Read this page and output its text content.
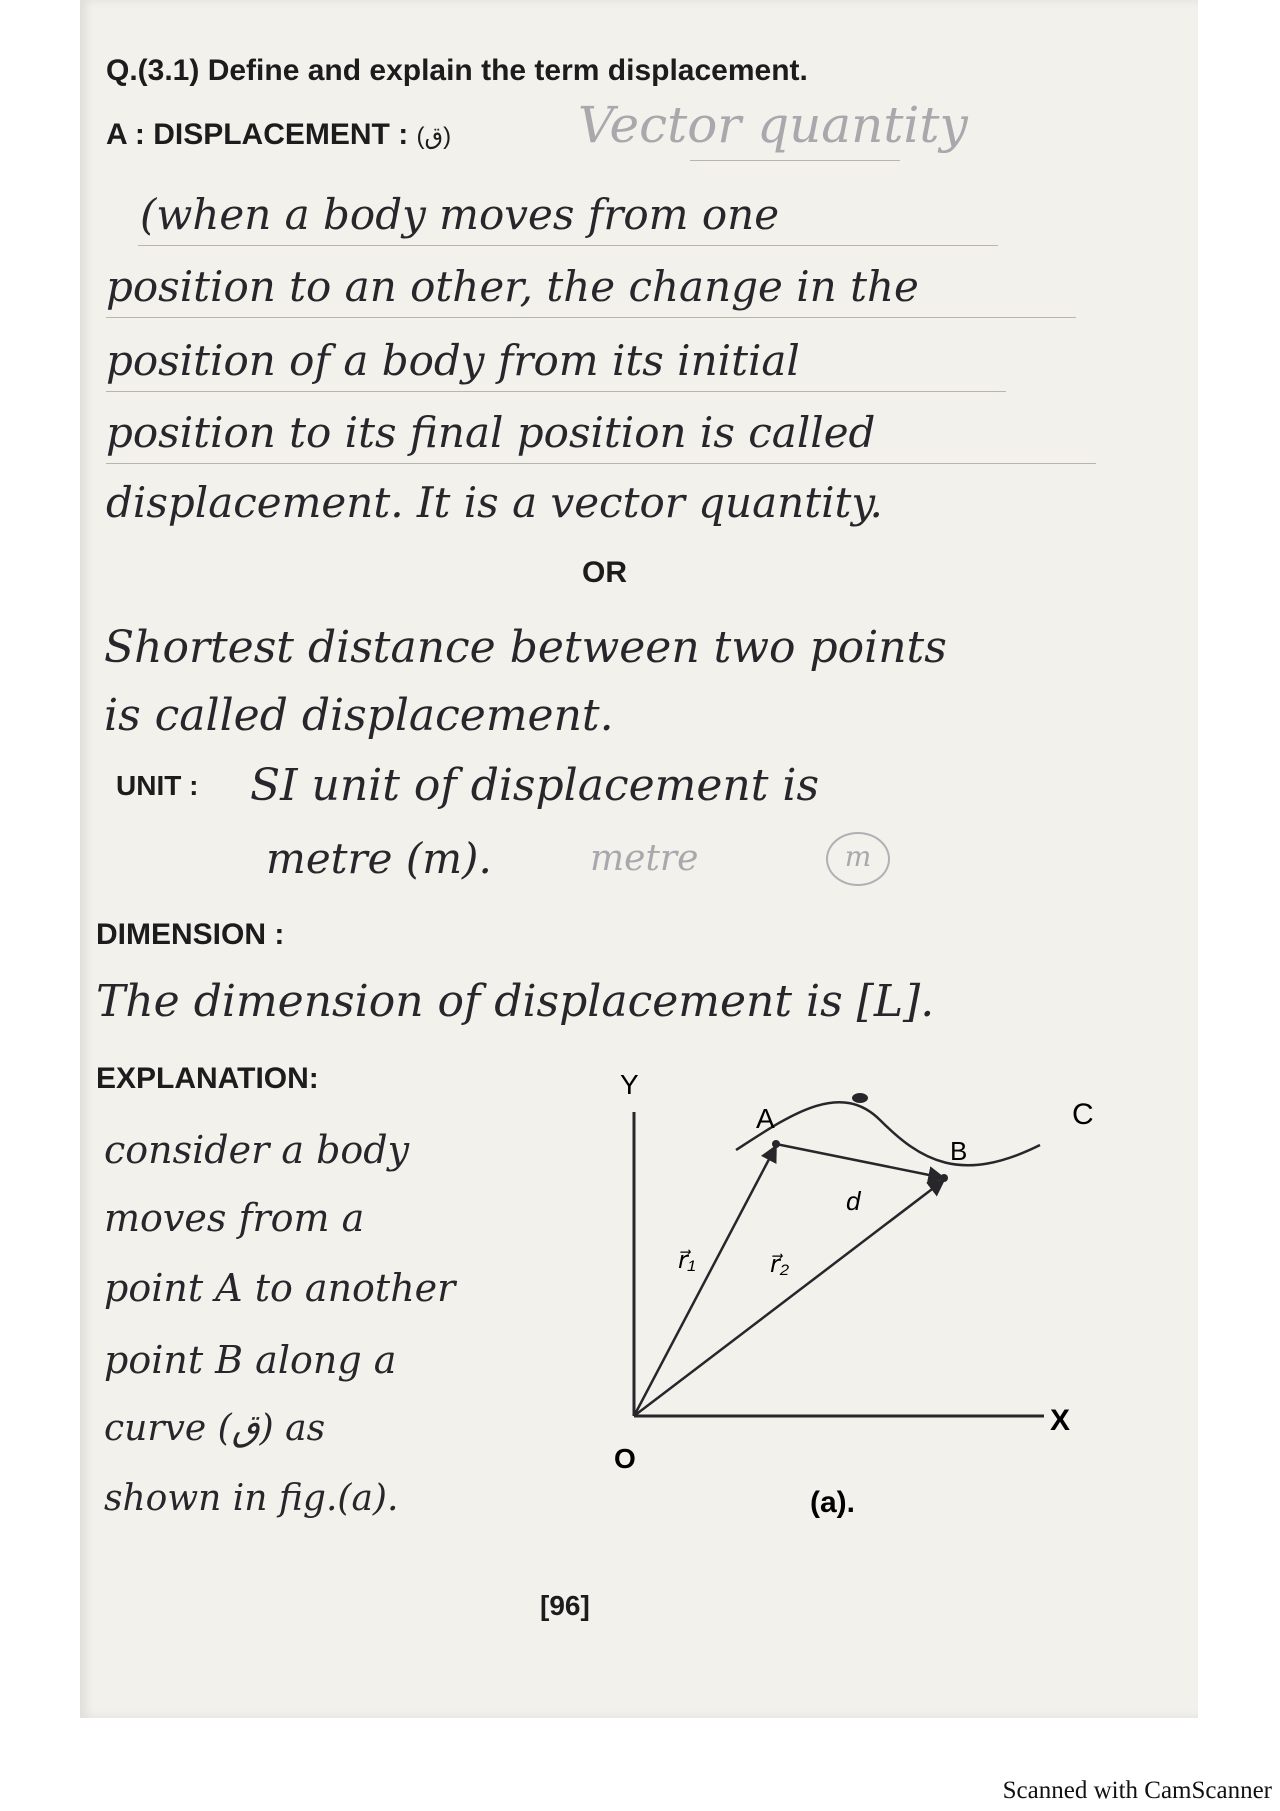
Q.(3.1) Define and explain the term displacement.
A : DISPLACEMENT : (ق)	Vector quantity
(when a body moves from one
position to an other, the change in the
position of a body from its initial
position to its final position is called
displacement. It is a vector quantity.
OR
Shortest distance between two points
is called displacement.
UNIT : SI unit of displacement is
metre (m).	metre	m
DIMENSION :
The dimension of displacement is [L].
EXPLANATION:
consider a body
moves from a
point A to another
point B along a
curve (ق) as
shown in fig.(a).
Y
X
O
A
B
C
d
r⃗₁	r⃗₂
(a).
[96]
Scanned with CamScanner
